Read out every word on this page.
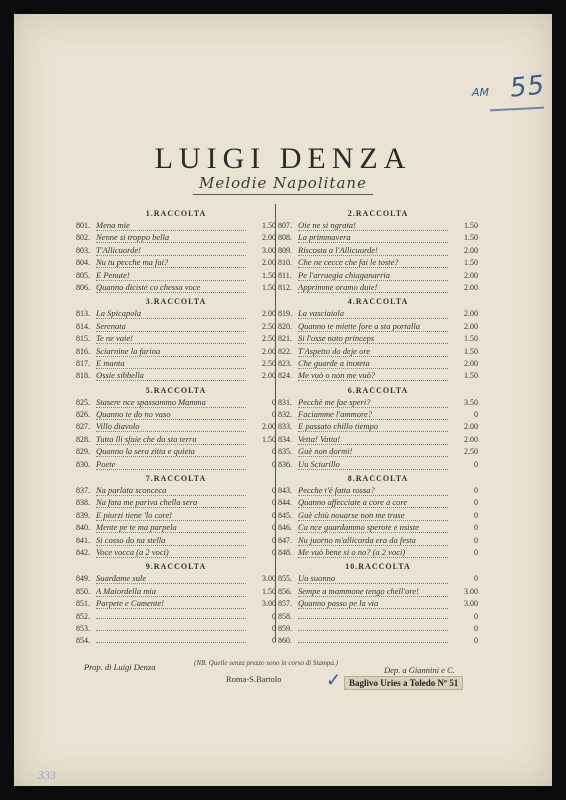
AM 55
LUIGI DENZA
Melodie Napolitane
1.RACCOLTA
801. Mena mie	1.50
802. Nenne si troppo bella	2.00
803. T'Allicuorde!	3.00
804. Nu tu pecche ma fai?	2.00
805. E Penute!	1.50
806. Quanno diciste co chessa voce	1.50
3.RACCOLTA
813. La Spicapola	2.00
814. Serenata	2.50
815. Te ne vaie!	2.50
816. Sciarnine la farina	2.00
817. E manta	2.50
818. Ossie sibbella	2.00
5.RACCOLTA
825. Stasere nce spassammo Mamma	0
826. Quanno te do no vaso	0
827. Villo diavolo	2.00
828. Tutta lli sfaie che da sta terra	1.50
829. Quanno la sera zitta e quieta	0
830. Poete	0
7.RACCOLTA
837. Na parlata sconceca	0
838. Na fata me pariva chella sera	0
839. E piurzi tiene 'lo core!	0
840. Mente pe te ma parpela	0
841. Si cosso do na stella	0
842. Voce vocca (a 2 voci)	0
9.RACCOLTA
849. Suardame sule	3.00
850. A Maiordella mia	1.50
851. Parpete e Camente!	3.00
852.	0
853.	0
854.	0
2.RACCOLTA
807. Oie ne si ngrata!	1.50
808. La primmavera	1.50
809. Riscosta a l'Allicuorde!	2.00
810. Che ne cecce che fai le toste?	1.50
811. Pe l'arraegia chiaganarria	2.00
812. Apprimme oramo duie!	2.00
4.RACCOLTA
819. La vasciaiola	2.00
820. Quanno te miette fore a sta portalla	2.00
821. Si l'osse nato princeps	1.50
822. T'Aspetto do deje ore	1.50
823. Che guarde a inoteta	2.00
824. Me vuò o non me vuò?	1.50
6.RACCOLTA
831. Pecchè me fae speri?	3.50
832. Faciamme l'ammore?	0
833. E passato chillo tiempo	2.00
834. Vetta! Vatta!	2.00
835. Guè non dormi!	2.50
836. Uu Sciurillo	0
8.RACCOLTA
843. Pecche t'è fatta rossa?	0
844. Quanno affecciate a core a core	0
845. Guè chiù nouarse non me trase	0
846. Ca nce guardammo sperote e nsiste	0
847. Nu juorno m'allicorda era da festa	0
848. Me vuò bene si o no? (a 2 voci)	0
10.RACCOLTA
855. Uu suonno	0
856. Sempe a mammone tengo chell'ore!	3.00
857. Quanno passo pe la via	3.00
858.	0
859.	0
860.	0
(NB. Quelle senza prezzo sono in corso di Stampa.)
Prop. di Luigi Denza
Roma-S.Bartolo
Dep. a Giannini e C.
✓ Baglivo Uries a Toledo Nº 51
333
